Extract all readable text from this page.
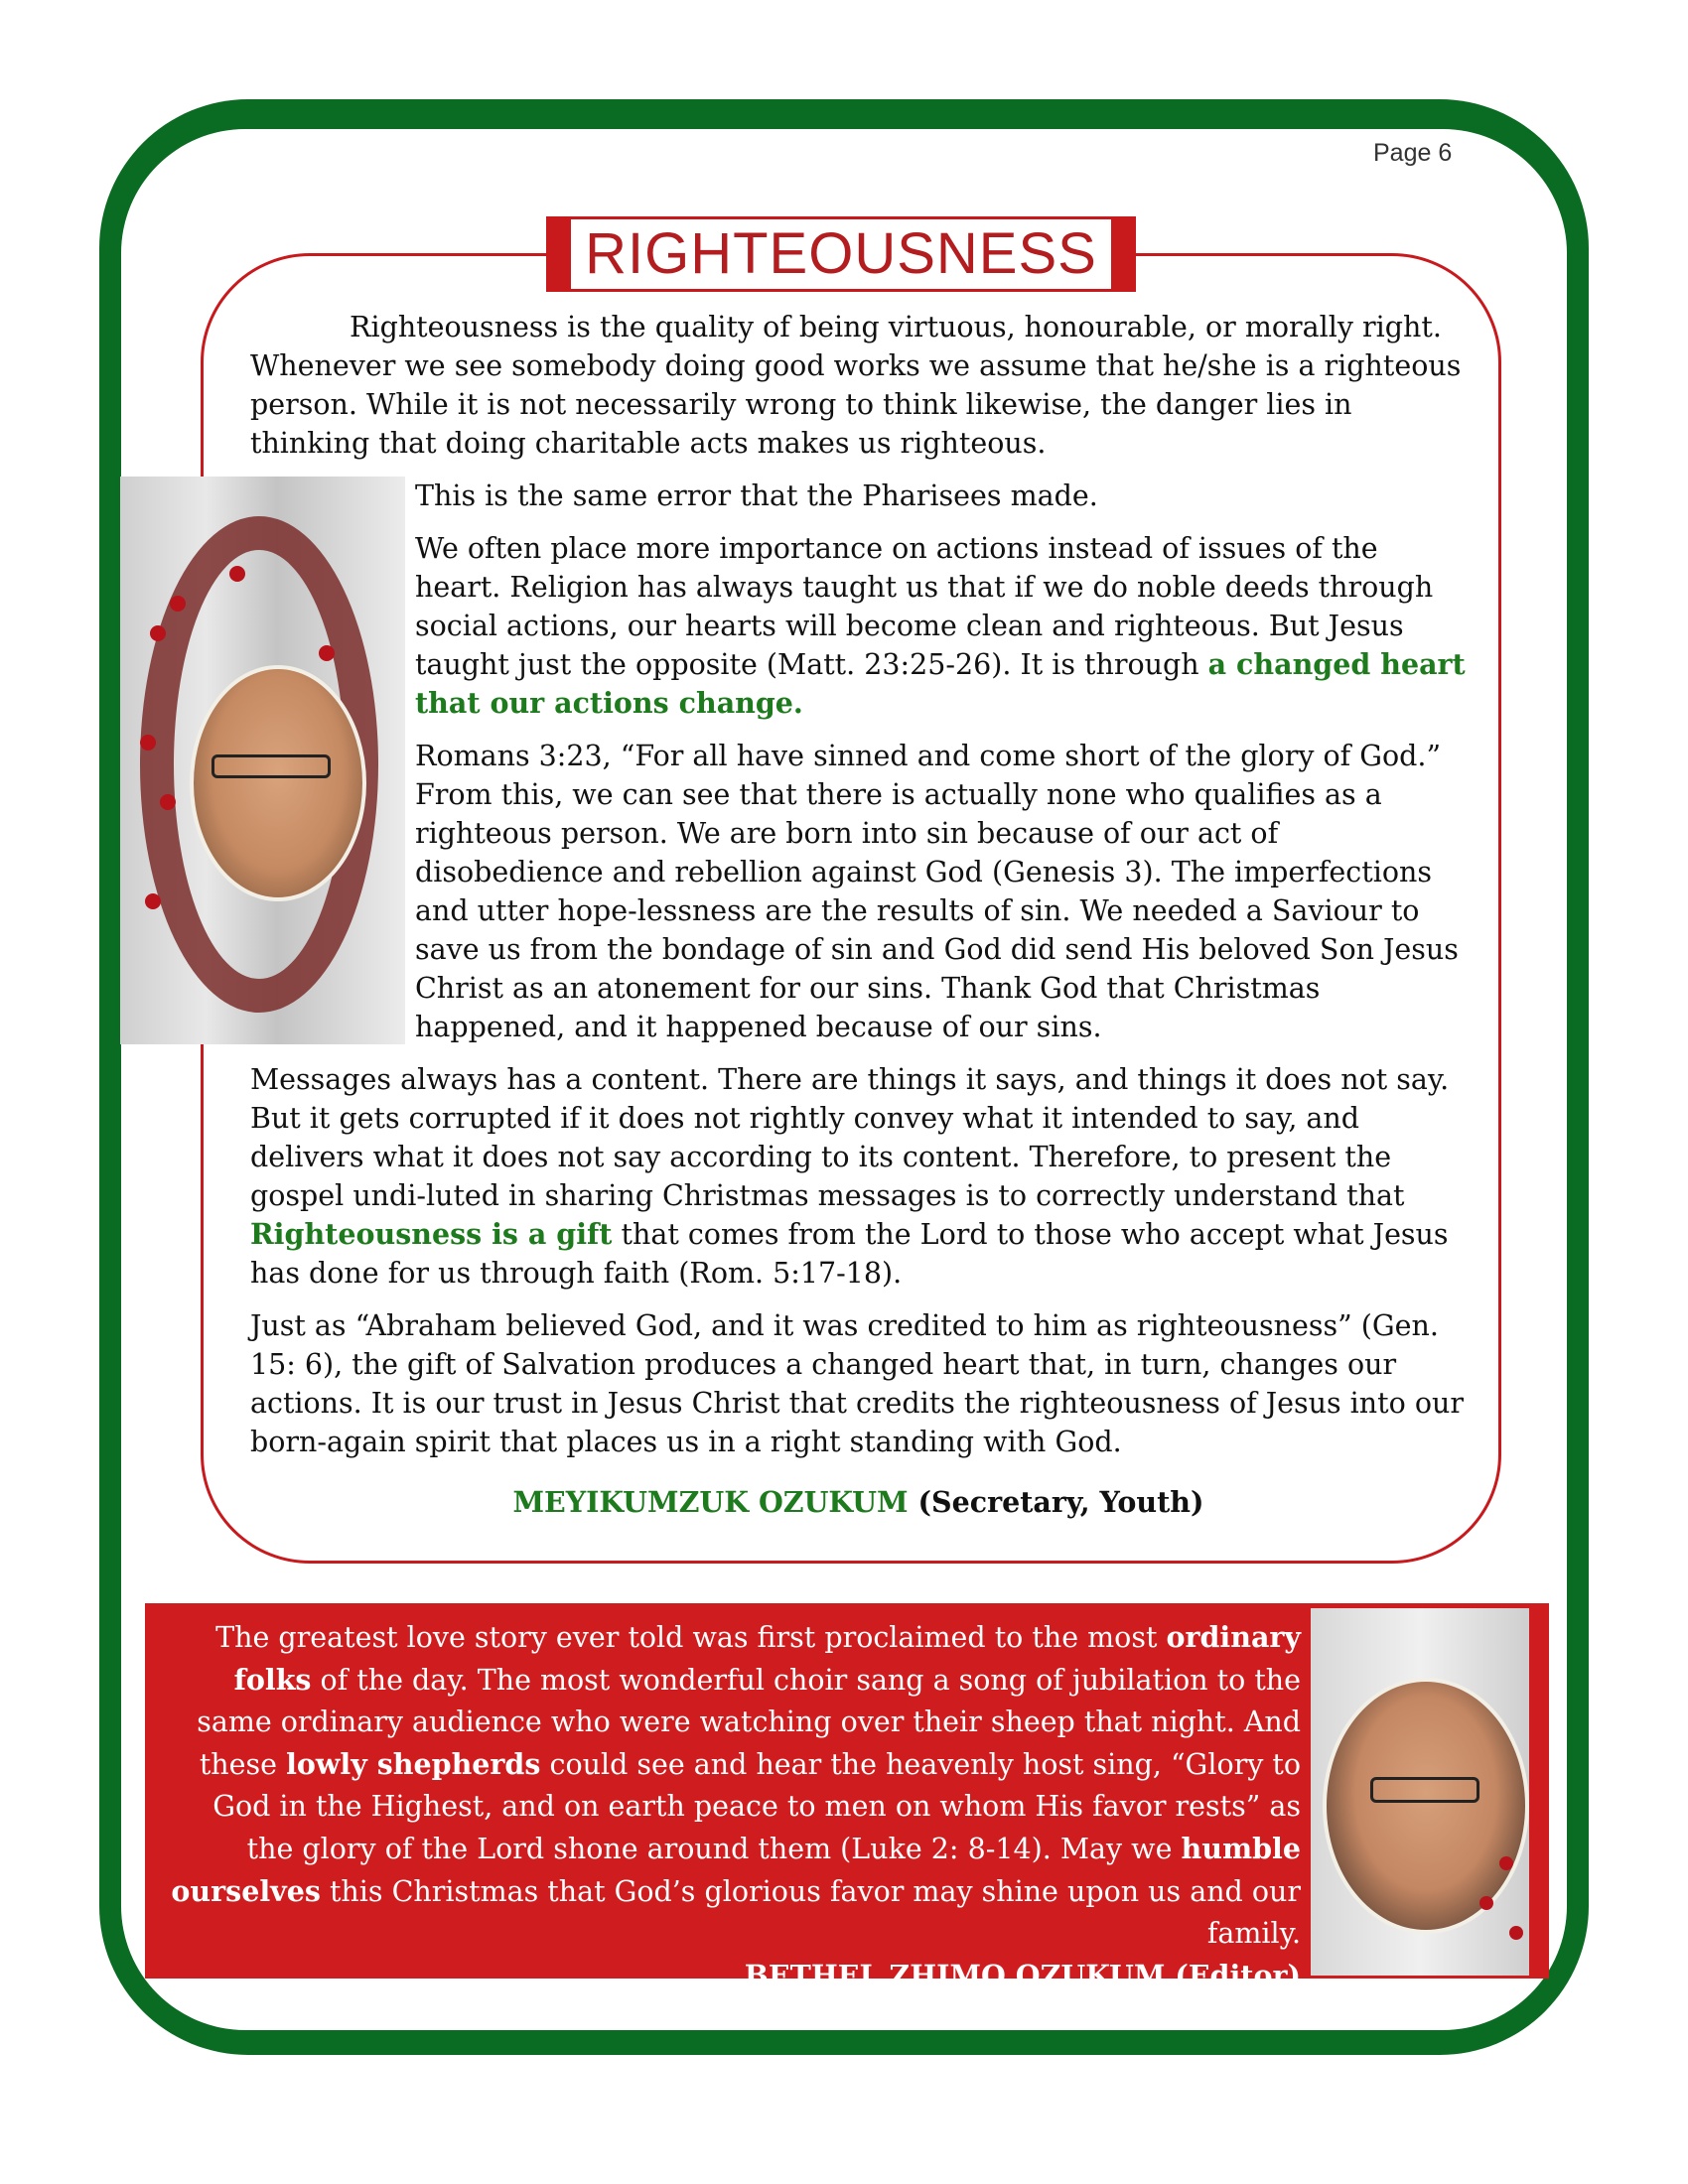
Page 6
RIGHTEOUSNESS

Righteousness is the quality of being virtuous, honourable, or morally right. Whenever we see somebody doing good works we assume that he/she is a righteous person. While it is not necessarily wrong to think likewise, the danger lies in thinking that doing charitable acts makes us righteous.

This is the same error that the Pharisees made.

We often place more importance on actions instead of issues of the heart. Religion has always taught us that if we do noble deeds through social actions, our hearts will become clean and righteous. But Jesus taught just the opposite (Matt. 23:25-26). It is through a changed heart that our actions change.

Romans 3:23, “For all have sinned and come short of the glory of God.” From this, we can see that there is actually none who qualifies as a righteous person. We are born into sin because of our act of disobedience and rebellion against God (Genesis 3). The imperfections and utter hope-lessness are the results of sin. We needed a Saviour to save us from the bondage of sin and God did send His beloved Son Jesus Christ as an atonement for our sins. Thank God that Christmas happened, and it happened because of our sins.

Messages always has a content. There are things it says, and things it does not say. But it gets corrupted if it does not rightly convey what it intended to say, and delivers what it does not say according to its content. Therefore, to present the gospel undi-luted in sharing Christmas messages is to correctly understand that Righteousness is a gift that comes from the Lord to those who accept what Jesus has done for us through faith (Rom. 5:17-18).

Just as “Abraham believed God, and it was credited to him as righteousness” (Gen. 15: 6), the gift of Salvation produces a changed heart that, in turn, changes our actions. It is our trust in Jesus Christ that credits the righteousness of Jesus into our born-again spirit that places us in a right standing with God.

MEYIKUMZUK OZUKUM (Secretary, Youth)
The greatest love story ever told was first proclaimed to the most ordinary folks of the day. The most wonderful choir sang a song of jubilation to the same ordinary audience who were watching over their sheep that night. And these lowly shepherds could see and hear the heavenly host sing, “Glory to God in the Highest, and on earth peace to men on whom His favor rests” as the glory of the Lord shone around them (Luke 2: 8-14). May we humble ourselves this Christmas that God’s glorious favor may shine upon us and our family.
BETHEL ZHIMO OZUKUM (Editor)
